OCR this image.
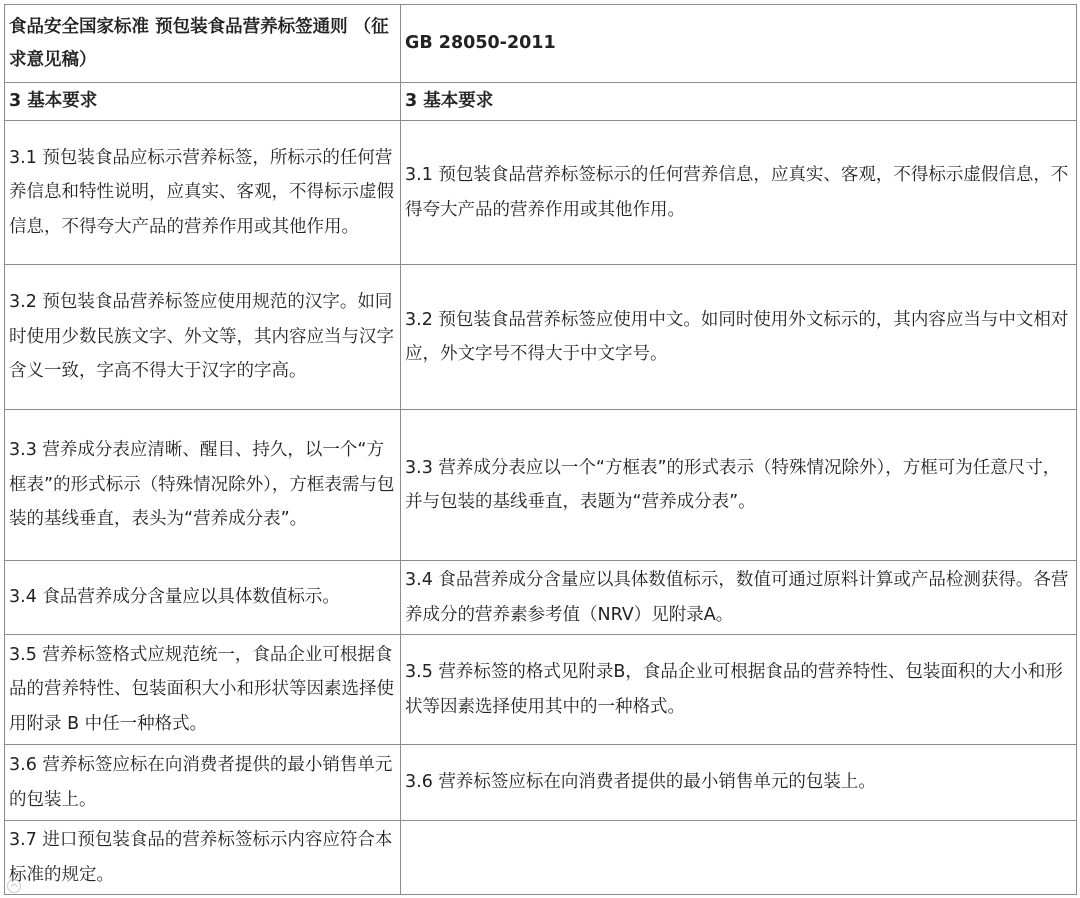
食品安全国家标准 预包装食品营养标签通则 （征求意见稿）	GB 28050-2011
3 基本要求	3 基本要求
3.1 预包装食品应标示营养标签，所标示的任何营养信息和特性说明，应真实、客观，不得标示虚假信息，不得夸大产品的营养作用或其他作用。	3.1 预包装食品营养标签标示的任何营养信息，应真实、客观，不得标示虚假信息，不得夸大产品的营养作用或其他作用。
3.2 预包装食品营养标签应使用规范的汉字。如同时使用少数民族文字、外文等，其内容应当与汉字含义一致，字高不得大于汉字的字高。	3.2 预包装食品营养标签应使用中文。如同时使用外文标示的，其内容应当与中文相对应，外文字号不得大于中文字号。
3.3 营养成分表应清晰、醒目、持久，以一个“方框表”的形式标示（特殊情况除外），方框表需与包装的基线垂直，表头为“营养成分表”。	3.3 营养成分表应以一个“方框表”的形式表示（特殊情况除外），方框可为任意尺寸，并与包装的基线垂直，表题为“营养成分表”。
3.4 食品营养成分含量应以具体数值标示。	3.4 食品营养成分含量应以具体数值标示，数值可通过原料计算或产品检测获得。各营养成分的营养素参考值（NRV）见附录A。
3.5 营养标签格式应规范统一，食品企业可根据食品的营养特性、包装面积大小和形状等因素选择使用附录 B 中任一种格式。	3.5 营养标签的格式见附录B，食品企业可根据食品的营养特性、包装面积的大小和形状等因素选择使用其中的一种格式。
3.6 营养标签应标在向消费者提供的最小销售单元的包装上。	3.6 营养标签应标在向消费者提供的最小销售单元的包装上。
3.7 进口预包装食品的营养标签标示内容应符合本标准的规定。	
